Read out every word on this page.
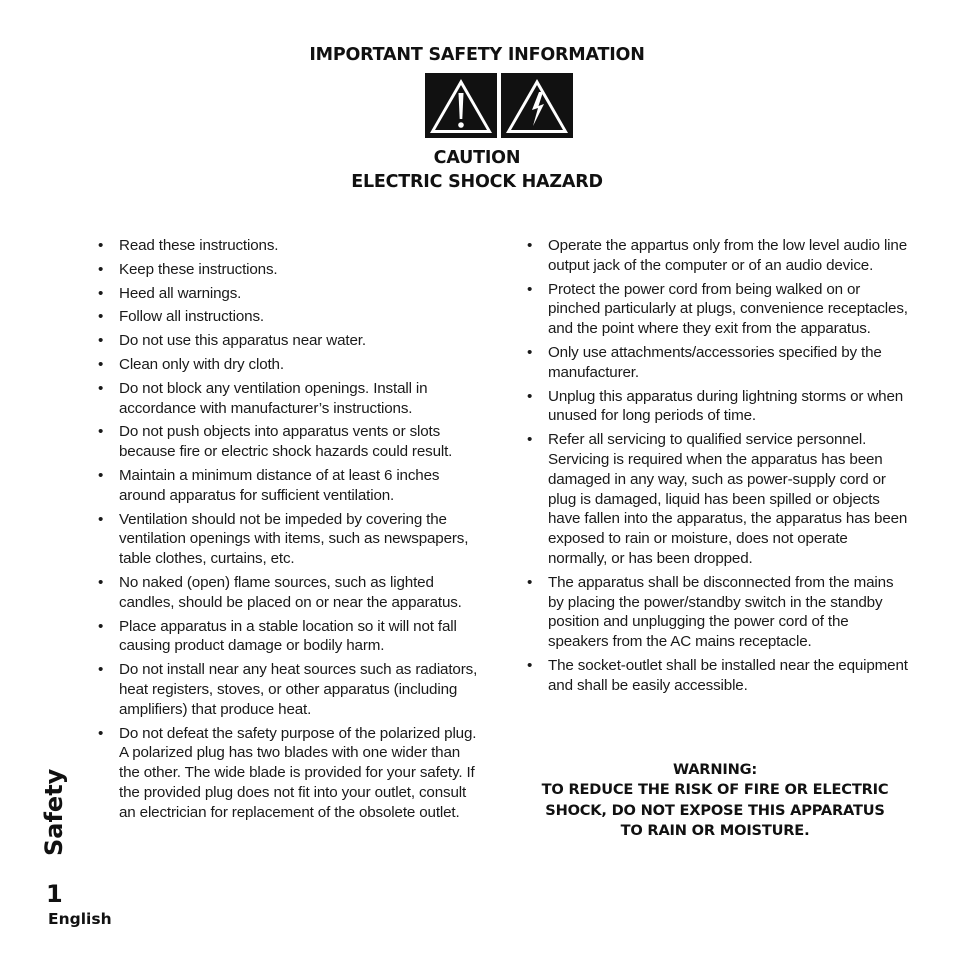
IMPORTANT SAFETY INFORMATION
CAUTION
ELECTRIC SHOCK HAZARD
• Read these instructions.
• Keep these instructions.
• Heed all warnings.
• Follow all instructions.
• Do not use this apparatus near water.
• Clean only with dry cloth.
• Do not block any ventilation openings. Install in accordance with manufacturer’s instructions.
• Do not push objects into apparatus vents or slots because fire or electric shock hazards could result.
• Maintain a minimum distance of at least 6 inches around apparatus for sufficient ventilation.
• Ventilation should not be impeded by covering the ventilation openings with items, such as newspapers, table clothes, curtains, etc.
• No naked (open) flame sources, such as lighted candles, should be placed on or near the apparatus.
• Place apparatus in a stable location so it will not fall causing product damage or bodily harm.
• Do not install near any heat sources such as radiators, heat registers, stoves, or other apparatus (including amplifiers) that produce heat.
• Do not defeat the safety purpose of the polarized plug. A polarized plug has two blades with one wider than the other. The wide blade is provided for your safety. If the provided plug does not fit into your outlet, consult an electrician for replacement of the obsolete outlet.
• Operate the appartus only from the low level audio line output jack of the computer or of an audio device.
• Protect the power cord from being walked on or pinched particularly at plugs, convenience receptacles, and the point where they exit from the apparatus.
• Only use attachments/accessories specified by the manufacturer.
• Unplug this apparatus during lightning storms or when unused for long periods of time.
• Refer all servicing to qualified service personnel. Servicing is required when the apparatus has been damaged in any way, such as power-supply cord or plug is damaged, liquid has been spilled or objects have fallen into the apparatus, the apparatus has been exposed to rain or moisture, does not operate normally, or has been dropped.
• The apparatus shall be disconnected from the mains by placing the power/standby switch in the standby position and unplugging the power cord of the speakers from the AC mains receptacle.
• The socket-outlet shall be installed near the equipment and shall be easily accessible.
WARNING:
TO REDUCE THE RISK OF FIRE OR ELECTRIC
SHOCK, DO NOT EXPOSE THIS APPARATUS
TO RAIN OR MOISTURE.
Safety
1
English
